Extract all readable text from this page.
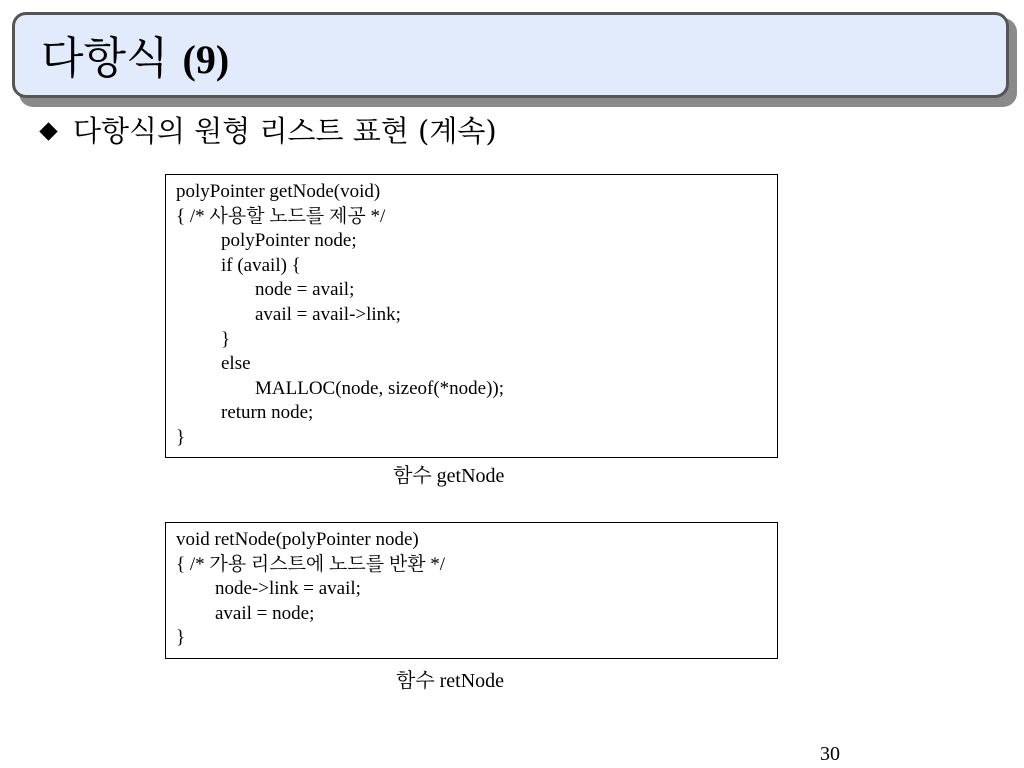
다항식 (9)
다항식의 원형 리스트 표현 (계속)
polyPointer getNode(void)
{ /* 사용할 노드를 제공 */
polyPointer node;
if (avail) {
node = avail;
avail = avail->link;
}
else
MALLOC(node, sizeof(*node));
return node;
}
함수 getNode
void retNode(polyPointer node)
{ /* 가용 리스트에 노드를 반환 */
node->link = avail;
avail = node;
}
함수 retNode
30
